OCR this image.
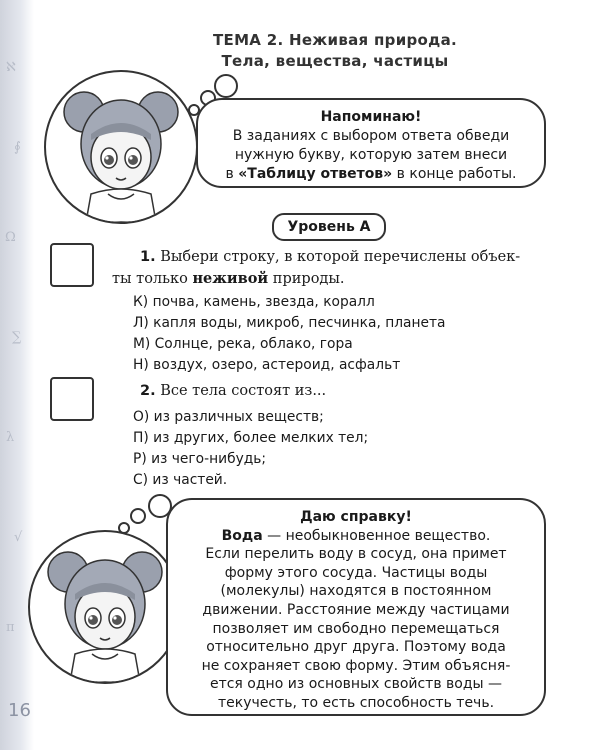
ℵ
∮
Ω
∑
λ
√
π
16
ТЕМА 2. Неживая природа.
Тела, вещества, частицы
Напоминаю!
В заданиях с выбором ответа обведи
нужную букву, которую затем внеси
в «Таблицу ответов» в конце работы.
Уровень А
1. Выбери строку, в которой перечислены объек-
ты только неживой природы.
К) почва, камень, звезда, коралл
Л) капля воды, микроб, песчинка, планета
М) Солнце, река, облако, гора
Н) воздух, озеро, астероид, асфальт
2. Все тела состоят из...
О) из различных веществ;
П) из других, более мелких тел;
Р) из чего-нибудь;
С) из частей.
Даю справку!
Вода — необыкновенное вещество.
Если перелить воду в сосуд, она примет
форму этого сосуда. Частицы воды
(молекулы) находятся в постоянном
движении. Расстояние между частицами
позволяет им свободно перемещаться
относительно друг друга. Поэтому вода
не сохраняет свою форму. Этим объясня-
ется одно из основных свойств воды —
текучесть, то есть способность течь.
